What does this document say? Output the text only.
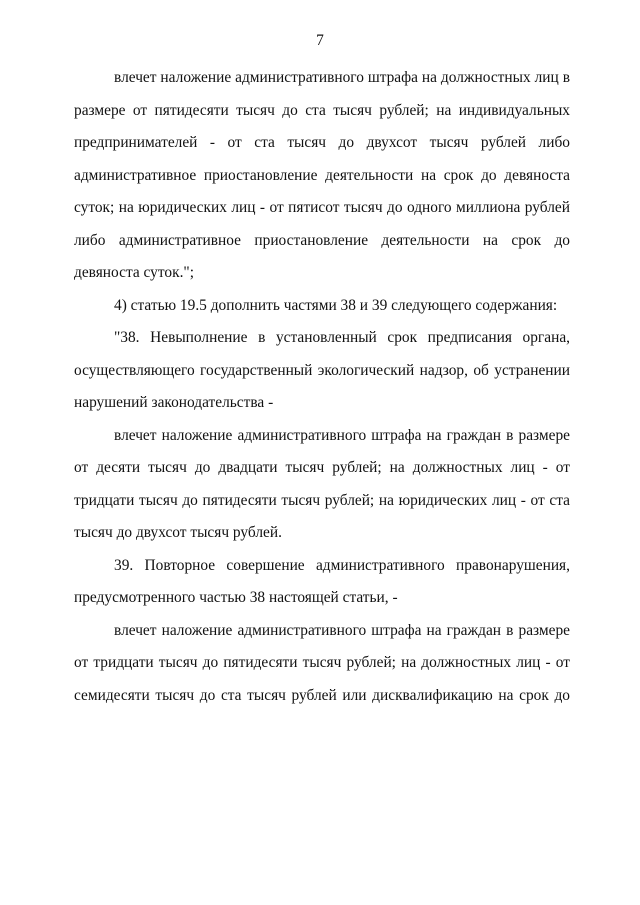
7
влечет наложение административного штрафа на должностных лиц в
размере от пятидесяти тысяч до ста тысяч рублей; на индивидуальных
предпринимателей - от ста тысяч до двухсот тысяч рублей либо
административное приостановление деятельности на срок до девяноста
суток; на юридических лиц - от пятисот тысяч до одного миллиона рублей
либо административное приостановление деятельности на срок до
девяноста суток.";
4) статью 19.5 дополнить частями 38 и 39 следующего содержания:
"38. Невыполнение в установленный срок предписания органа,
осуществляющего государственный экологический надзор, об устранении
нарушений законодательства -
влечет наложение административного штрафа на граждан в размере
от десяти тысяч до двадцати тысяч рублей; на должностных лиц - от
тридцати тысяч до пятидесяти тысяч рублей; на юридических лиц - от ста
тысяч до двухсот тысяч рублей.
39. Повторное совершение административного правонарушения,
предусмотренного частью 38 настоящей статьи, -
влечет наложение административного штрафа на граждан в размере
от тридцати тысяч до пятидесяти тысяч рублей; на должностных лиц - от
семидесяти тысяч до ста тысяч рублей или дисквалификацию на срок до
